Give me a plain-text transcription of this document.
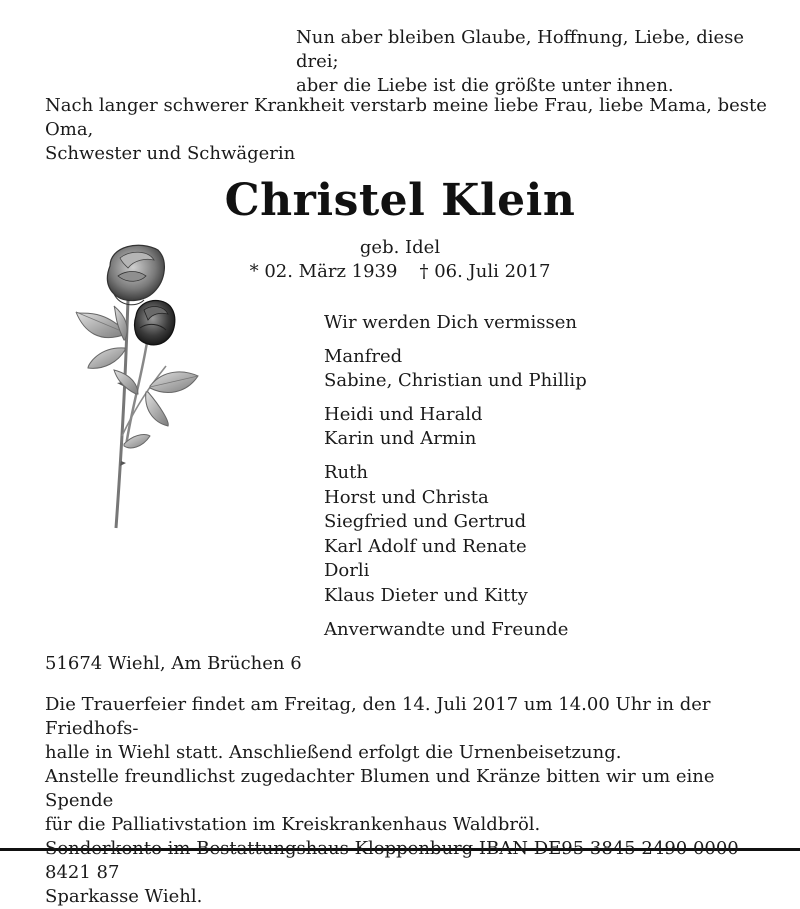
Nun aber bleiben Glaube, Hoffnung, Liebe, diese drei;
aber die Liebe ist die größte unter ihnen.

Nach langer schwerer Krankheit verstarb meine liebe Frau, liebe Mama, beste Oma,
Schwester und Schwägerin

Christel Klein

geb. Idel

* 02. März 1939 † 06. Juli 2017

Wir werden Dich vermissen

Manfred

Sabine, Christian und Phillip

Heidi und Harald

Karin und Armin

Ruth

Horst und Christa

Siegfried und Gertrud

Karl Adolf und Renate

Dorli

Klaus Dieter und Kitty

Anverwandte und Freunde

51674 Wiehl, Am Brüchen 6

Die Trauerfeier findet am Freitag, den 14. Juli 2017 um 14.00 Uhr in der Friedhofs-
halle in Wiehl statt. Anschließend erfolgt die Urnenbeisetzung.
Anstelle freundlichst zugedachter Blumen und Kränze bitten wir um eine Spende
für die Palliativstation im Kreiskrankenhaus Waldbröl.
Sonderkonto im Bestattungshaus Kloppenburg IBAN DE95 3845 2490 0000 8421 87
Sparkasse Wiehl.
